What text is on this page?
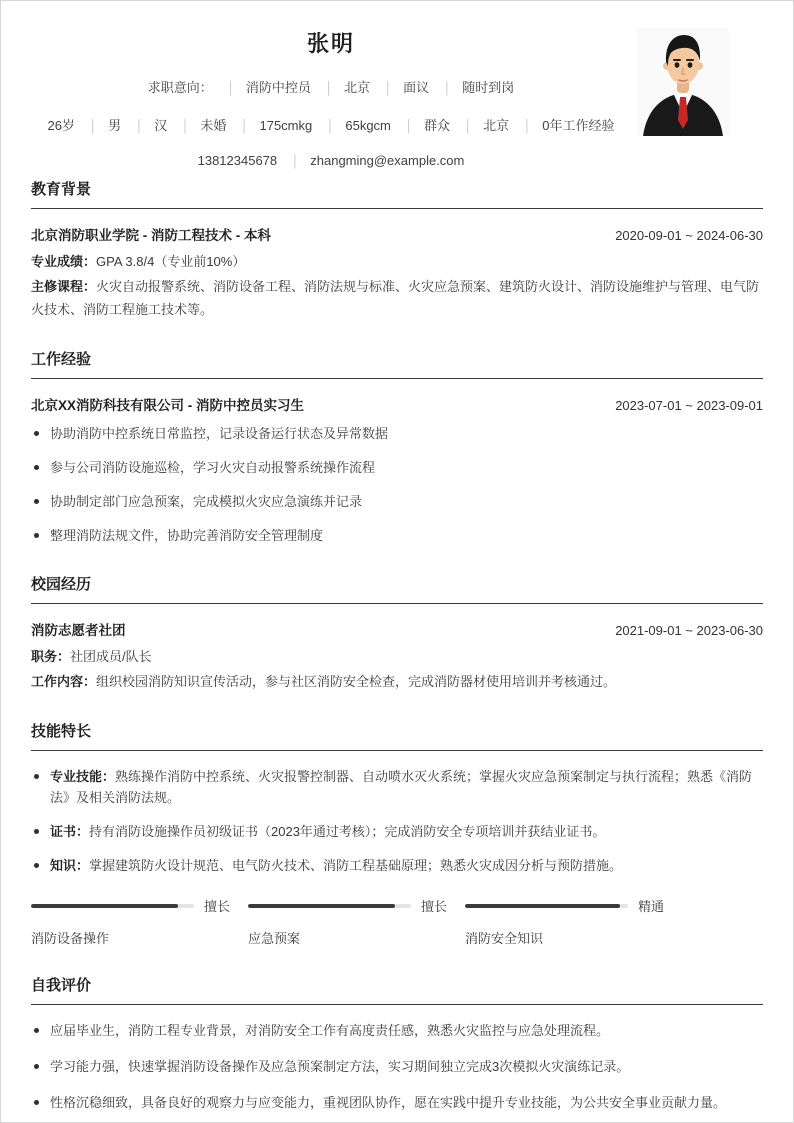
张明
求职意向： │ 消防中控员 │ 北京 │ 面议 │ 随时到岗
26岁 │ 男 │ 汉 │ 未婚 │ 175cmkg │ 65kgcm │ 群众 │ 北京 │ 0年工作经验
13812345678 │ zhangming@example.com
教育背景
北京消防职业学院 - 消防工程技术 - 本科	2020-09-01 ~ 2024-06-30

专业成绩：GPA 3.8/4（专业前10%）

主修课程：火灾自动报警系统、消防设备工程、消防法规与标准、火灾应急预案、建筑防火设计、消防设施维护与管理、电气防火技术、消防工程施工技术等。

工作经验
北京XX消防科技有限公司 - 消防中控员实习生	2023-07-01 ~ 2023-09-01
协助消防中控系统日常监控，记录设备运行状态及异常数据
参与公司消防设施巡检，学习火灾自动报警系统操作流程
协助制定部门应急预案，完成模拟火灾应急演练并记录
整理消防法规文件，协助完善消防安全管理制度
校园经历
消防志愿者社团	2021-09-01 ~ 2023-06-30

职务：社团成员/队长

工作内容：组织校园消防知识宣传活动，参与社区消防安全检查，完成消防器材使用培训并考核通过。

技能特长
专业技能：熟练操作消防中控系统、火灾报警控制器、自动喷水灭火系统；掌握火灾应急预案制定与执行流程；熟悉《消防法》及相关消防法规。
证书：持有消防设施操作员初级证书（2023年通过考核）；完成消防安全专项培训并获结业证书。
知识：掌握建筑防火设计规范、电气防火技术、消防工程基础原理；熟悉火灾成因分析与预防措施。
擅长
消防设备操作
擅长
应急预案
精通
消防安全知识
自我评价
应届毕业生，消防工程专业背景，对消防安全工作有高度责任感，熟悉火灾监控与应急处理流程。
学习能力强，快速掌握消防设备操作及应急预案制定方法，实习期间独立完成3次模拟火灾演练记录。
性格沉稳细致，具备良好的观察力与应变能力，重视团队协作，愿在实践中提升专业技能，为公共安全事业贡献力量。
